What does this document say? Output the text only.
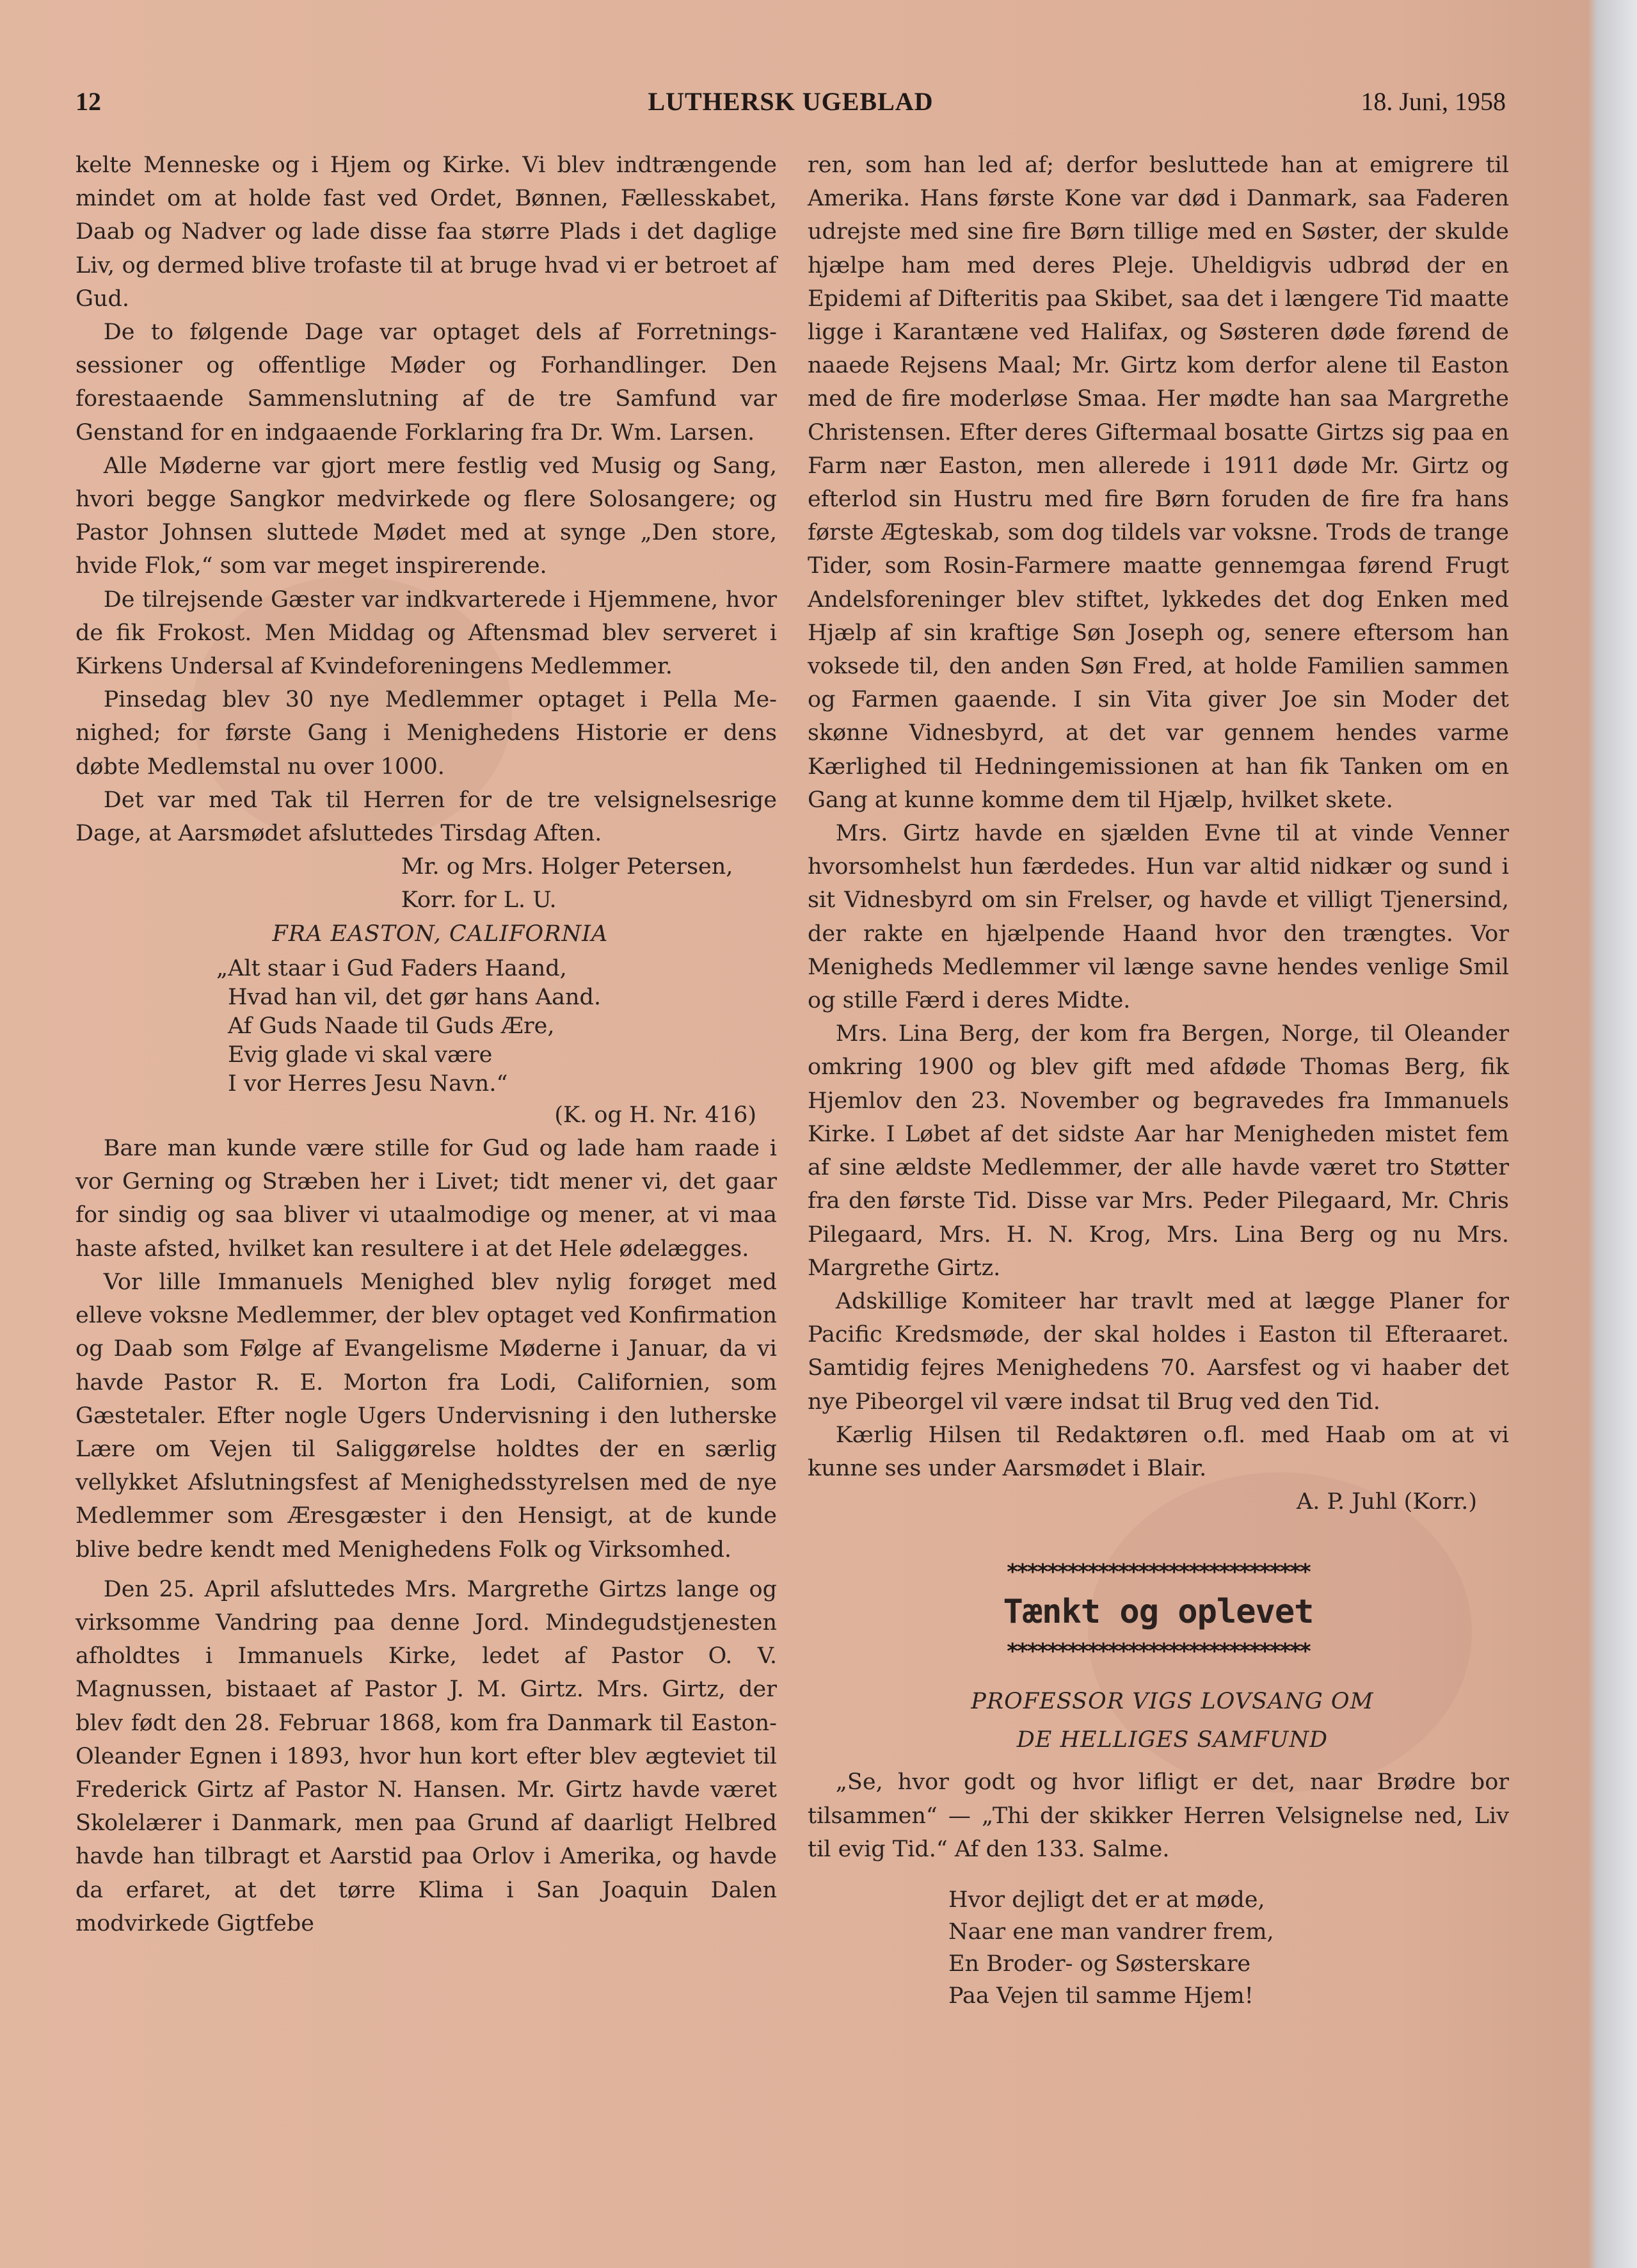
12	LUTHERSK UGEBLAD	18. Juni, 1958

kelte Menneske og i Hjem og Kirke. Vi blev indtrængende mindet om at holde fast ved Ordet, Bønnen, Fællesskabet, Daab og Nadver og lade disse faa større Plads i det daglige Liv, og dermed blive trofaste til at bruge hvad vi er betroet af Gud.

De to følgende Dage var optaget dels af Forretningssessioner og offentlige Møder og Forhandlinger. Den forestaaende Sammenslutning af de tre Samfund var Genstand for en indgaaende Forklaring fra Dr. Wm. Larsen.

Alle Møderne var gjort mere festlig ved Musig og Sang, hvori begge Sangkor medvirkede og flere Solosangere; og Pastor Johnsen sluttede Mødet med at synge „Den store, hvide Flok,“ som var meget inspirerende.

De tilrejsende Gæster var indkvarterede i Hjemmene, hvor de fik Frokost. Men Middag og Aftensmad blev serveret i Kirkens Undersal af Kvindeforeningens Medlemmer.

Pinsedag blev 30 nye Medlemmer optaget i Pella Menighed; for første Gang i Menighedens Historie er dens døbte Medlemstal nu over 1000.

Det var med Tak til Herren for de tre velsignelsesrige Dage, at Aarsmødet afsluttedes Tirsdag Aften.

Mr. og Mrs. Holger Petersen,

Korr. for L. U.

FRA EASTON, CALIFORNIA

„Alt staar i Gud Faders Haand,
Hvad han vil, det gør hans Aand.
Af Guds Naade til Guds Ære,
Evig glade vi skal være
I vor Herres Jesu Navn.“

(K. og H. Nr. 416)

Bare man kunde være stille for Gud og lade ham raade i vor Gerning og Stræben her i Livet; tidt mener vi, det gaar for sindig og saa bliver vi utaalmodige og mener, at vi maa haste afsted, hvilket kan resultere i at det Hele ødelægges.

Vor lille Immanuels Menighed blev nylig forøget med elleve voksne Medlemmer, der blev optaget ved Konfirmation og Daab som Følge af Evangelisme Møderne i Januar, da vi havde Pastor R. E. Morton fra Lodi, Californien, som Gæstetaler. Efter nogle Ugers Undervisning i den lutherske Lære om Vejen til Saliggørelse holdtes der en særlig vellykket Afslutningsfest af Menighedsstyrelsen med de nye Medlemmer som Æresgæster i den Hensigt, at de kunde blive bedre kendt med Menighedens Folk og Virksomhed.

Den 25. April afsluttedes Mrs. Margrethe Girtzs lange og virksomme Vandring paa denne Jord. Mindegudstjenesten afholdtes i Immanuels Kirke, ledet af Pastor O. V. Magnussen, bistaaet af Pastor J. M. Girtz. Mrs. Girtz, der blev født den 28. Februar 1868, kom fra Danmark til Easton-Oleander Egnen i 1893, hvor hun kort efter blev ægteviet til Frederick Girtz af Pastor N. Hansen. Mr. Girtz havde været Skolelærer i Danmark, men paa Grund af daarligt Helbred havde han tilbragt et Aarstid paa Orlov i Amerika, og havde da erfaret, at det tørre Klima i San Joaquin Dalen modvirkede Gigtfebe

ren, som han led af; derfor besluttede han at emigrere til Amerika. Hans første Kone var død i Danmark, saa Faderen udrejste med sine fire Børn tillige med en Søster, der skulde hjælpe ham med deres Pleje. Uheldigvis udbrød der en Epidemi af Difteritis paa Skibet, saa det i længere Tid maatte ligge i Karantæne ved Halifax, og Søsteren døde førend de naaede Rejsens Maal; Mr. Girtz kom derfor alene til Easton med de fire moderløse Smaa. Her mødte han saa Margrethe Christensen. Efter deres Giftermaal bosatte Girtzs sig paa en Farm nær Easton, men allerede i 1911 døde Mr. Girtz og efterlod sin Hustru med fire Børn foruden de fire fra hans første Ægteskab, som dog tildels var voksne. Trods de trange Tider, som Rosin-Farmere maatte gennemgaa førend Frugt Andelsforeninger blev stiftet, lykkedes det dog Enken med Hjælp af sin kraftige Søn Joseph og, senere eftersom han voksede til, den anden Søn Fred, at holde Familien sammen og Farmen gaaende. I sin Vita giver Joe sin Moder det skønne Vidnesbyrd, at det var gennem hendes varme Kærlighed til Hedningemissionen at han fik Tanken om en Gang at kunne komme dem til Hjælp, hvilket skete.

Mrs. Girtz havde en sjælden Evne til at vinde Venner hvorsomhelst hun færdedes. Hun var altid nidkær og sund i sit Vidnesbyrd om sin Frelser, og havde et villigt Tjenersind, der rakte en hjælpende Haand hvor den trængtes. Vor Menigheds Medlemmer vil længe savne hendes venlige Smil og stille Færd i deres Midte.

Mrs. Lina Berg, der kom fra Bergen, Norge, til Oleander omkring 1900 og blev gift med afdøde Thomas Berg, fik Hjemlov den 23. November og begravedes fra Immanuels Kirke. I Løbet af det sidste Aar har Menigheden mistet fem af sine ældste Medlemmer, der alle havde været tro Støtter fra den første Tid. Disse var Mrs. Peder Pilegaard, Mr. Chris Pilegaard, Mrs. H. N. Krog, Mrs. Lina Berg og nu Mrs. Margrethe Girtz.

Adskillige Komiteer har travlt med at lægge Planer for Pacific Kredsmøde, der skal holdes i Easton til Efteraaret. Samtidig fejres Menighedens 70. Aarsfest og vi haaber det nye Pibeorgel vil være indsat til Brug ved den Tid.

Kærlig Hilsen til Redaktøren o.fl. med Haab om at vi kunne ses under Aarsmødet i Blair.

A. P. Juhl (Korr.)

******************************
Tænkt og oplevet
******************************

PROFESSOR VIGS LOVSANG OM

DE HELLIGES SAMFUND

„Se, hvor godt og hvor lifligt er det, naar Brødre bor tilsammen“ — „Thi der skikker Herren Velsignelse ned, Liv til evig Tid.“ Af den 133. Salme.

Hvor dejligt det er at møde,
Naar ene man vandrer frem,
En Broder- og Søsterskare
Paa Vejen til samme Hjem!
